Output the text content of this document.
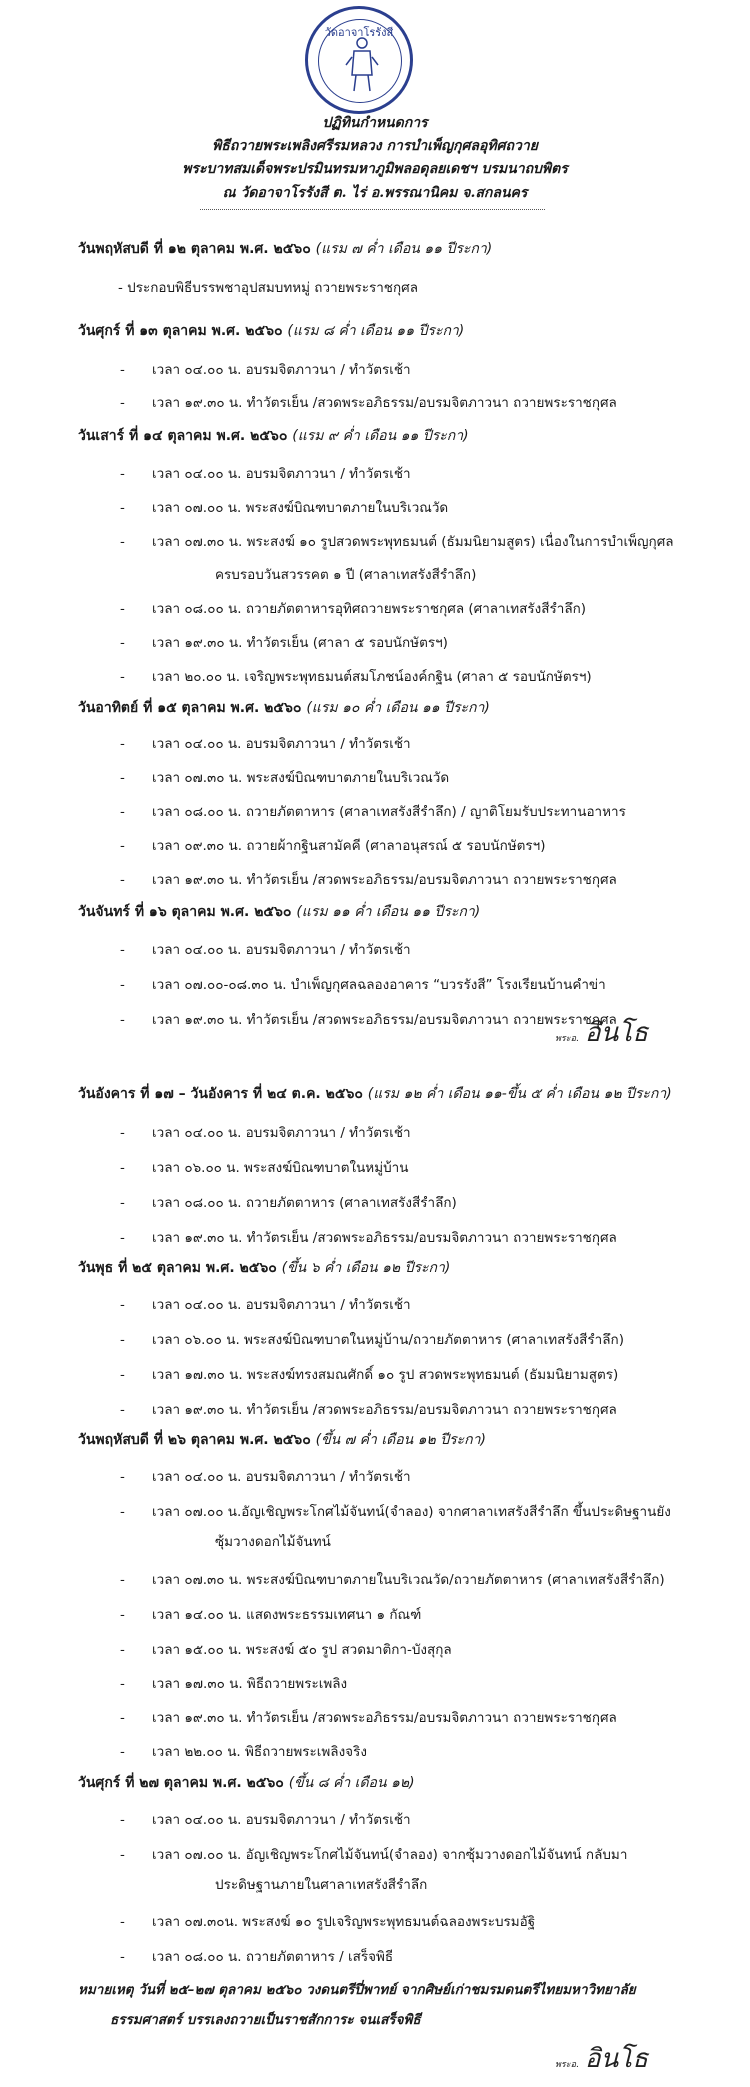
วัดอาจาโรรังสี
ปฏิทินกำหนดการ
พิธีถวายพระเพลิงศรีรมหลวง การบำเพ็ญกุศลอุทิศถวาย
พระบาทสมเด็จพระปรมินทรมหาภูมิพลอดุลยเดชฯ บรมนาถบพิตร
ณ วัดอาจาโรรังสี ต. ไร่ อ.พรรณานิคม จ.สกลนคร
วันพฤหัสบดี ที่ ๑๒ ตุลาคม พ.ศ. ๒๕๖๐ (แรม ๗ ค่ำ เดือน ๑๑ ปีระกา)
- ประกอบพิธีบรรพชาอุปสมบทหมู่ ถวายพระราชกุศล
วันศุกร์ ที่ ๑๓ ตุลาคม พ.ศ. ๒๕๖๐ (แรม ๘ ค่ำ เดือน ๑๑ ปีระกา)
- เวลา ๐๔.๐๐ น. อบรมจิตภาวนา / ทำวัตรเช้า
- เวลา ๑๙.๓๐ น. ทำวัตรเย็น /สวดพระอภิธรรม/อบรมจิตภาวนา ถวายพระราชกุศล
วันเสาร์ ที่ ๑๔ ตุลาคม พ.ศ. ๒๕๖๐ (แรม ๙ ค่ำ เดือน ๑๑ ปีระกา)
- เวลา ๐๔.๐๐ น. อบรมจิตภาวนา / ทำวัตรเช้า
- เวลา ๐๗.๐๐ น. พระสงฆ์บิณฑบาตภายในบริเวณวัด
- เวลา ๐๗.๓๐ น. พระสงฆ์ ๑๐ รูปสวดพระพุทธมนต์ (ธัมมนิยามสูตร) เนื่องในการบำเพ็ญกุศล
ครบรอบวันสวรรคต ๑ ปี (ศาลาเทสรังสีรำลึก)
- เวลา ๐๘.๐๐ น. ถวายภัตตาหารอุทิศถวายพระราชกุศล (ศาลาเทสรังสีรำลึก)
- เวลา ๑๙.๓๐ น. ทำวัตรเย็น (ศาลา ๕ รอบนักษัตรฯ)
- เวลา ๒๐.๐๐ น. เจริญพระพุทธมนต์สมโภชน์องค์กฐิน (ศาลา ๕ รอบนักษัตรฯ)
วันอาทิตย์ ที่ ๑๕ ตุลาคม พ.ศ. ๒๕๖๐ (แรม ๑๐ ค่ำ เดือน ๑๑ ปีระกา)
- เวลา ๐๔.๐๐ น. อบรมจิตภาวนา / ทำวัตรเช้า
- เวลา ๐๗.๓๐ น. พระสงฆ์บิณฑบาตภายในบริเวณวัด
- เวลา ๐๘.๐๐ น. ถวายภัตตาหาร (ศาลาเทสรังสีรำลึก) / ญาติโยมรับประทานอาหาร
- เวลา ๐๙.๓๐ น. ถวายผ้ากฐินสามัคคี (ศาลาอนุสรณ์ ๕ รอบนักษัตรฯ)
- เวลา ๑๙.๓๐ น. ทำวัตรเย็น /สวดพระอภิธรรม/อบรมจิตภาวนา ถวายพระราชกุศล
วันจันทร์ ที่ ๑๖ ตุลาคม พ.ศ. ๒๕๖๐ (แรม ๑๑ ค่ำ เดือน ๑๑ ปีระกา)
- เวลา ๐๔.๐๐ น. อบรมจิตภาวนา / ทำวัตรเช้า
- เวลา ๐๗.๐๐-๐๘.๓๐ น. บำเพ็ญกุศลฉลองอาคาร “บวรรังสี” โรงเรียนบ้านคำข่า
- เวลา ๑๙.๓๐ น. ทำวัตรเย็น /สวดพระอภิธรรม/อบรมจิตภาวนา ถวายพระราชกุศล
พระอ. อินโธ
วันอังคาร ที่ ๑๗ – วันอังคาร ที่ ๒๔ ต.ค. ๒๕๖๐ (แรม ๑๒ ค่ำ เดือน ๑๑-ขึ้น ๕ ค่ำ เดือน ๑๒ ปีระกา)
- เวลา ๐๔.๐๐ น. อบรมจิตภาวนา / ทำวัตรเช้า
- เวลา ๐๖.๐๐ น. พระสงฆ์บิณฑบาตในหมู่บ้าน
- เวลา ๐๘.๐๐ น. ถวายภัตตาหาร (ศาลาเทสรังสีรำลึก)
- เวลา ๑๙.๓๐ น. ทำวัตรเย็น /สวดพระอภิธรรม/อบรมจิตภาวนา ถวายพระราชกุศล
วันพุธ ที่ ๒๕ ตุลาคม พ.ศ. ๒๕๖๐ (ขึ้น ๖ ค่ำ เดือน ๑๒ ปีระกา)
- เวลา ๐๔.๐๐ น. อบรมจิตภาวนา / ทำวัตรเช้า
- เวลา ๐๖.๐๐ น. พระสงฆ์บิณฑบาตในหมู่บ้าน/ถวายภัตตาหาร (ศาลาเทสรังสีรำลึก)
- เวลา ๑๗.๓๐ น. พระสงฆ์ทรงสมณศักดิ์ ๑๐ รูป สวดพระพุทธมนต์ (ธัมมนิยามสูตร)
- เวลา ๑๙.๓๐ น. ทำวัตรเย็น /สวดพระอภิธรรม/อบรมจิตภาวนา ถวายพระราชกุศล
วันพฤหัสบดี ที่ ๒๖ ตุลาคม พ.ศ. ๒๕๖๐ (ขึ้น ๗ ค่ำ เดือน ๑๒ ปีระกา)
- เวลา ๐๔.๐๐ น. อบรมจิตภาวนา / ทำวัตรเช้า
- เวลา ๐๗.๐๐ น.อัญเชิญพระโกศไม้จันทน์(จำลอง) จากศาลาเทสรังสีรำลึก ขึ้นประดิษฐานยัง
ซุ้มวางดอกไม้จันทน์
- เวลา ๐๗.๓๐ น. พระสงฆ์บิณฑบาตภายในบริเวณวัด/ถวายภัตตาหาร (ศาลาเทสรังสีรำลึก)
- เวลา ๑๔.๐๐ น. แสดงพระธรรมเทศนา ๑ กัณฑ์
- เวลา ๑๕.๐๐ น. พระสงฆ์ ๕๐ รูป สวดมาติกา-บังสุกุล
- เวลา ๑๗.๓๐ น. พิธีถวายพระเพลิง
- เวลา ๑๙.๓๐ น. ทำวัตรเย็น /สวดพระอภิธรรม/อบรมจิตภาวนา ถวายพระราชกุศล
- เวลา ๒๒.๐๐ น. พิธีถวายพระเพลิงจริง
วันศุกร์ ที่ ๒๗ ตุลาคม พ.ศ. ๒๕๖๐ (ขึ้น ๘ ค่ำ เดือน ๑๒)
- เวลา ๐๔.๐๐ น. อบรมจิตภาวนา / ทำวัตรเช้า
- เวลา ๐๗.๐๐ น. อัญเชิญพระโกศไม้จันทน์(จำลอง) จากซุ้มวางดอกไม้จันทน์ กลับมา
ประดิษฐานภายในศาลาเทสรังสีรำลึก
- เวลา ๐๗.๓๐น. พระสงฆ์ ๑๐ รูปเจริญพระพุทธมนต์ฉลองพระบรมอัฐิ
- เวลา ๐๘.๐๐ น. ถวายภัตตาหาร / เสร็จพิธี
หมายเหตุ วันที่ ๒๕–๒๗ ตุลาคม ๒๕๖๐ วงดนตรีปี่พาทย์ จากศิษย์เก่าชมรมดนตรีไทยมหาวิทยาลัย
ธรรมศาสตร์ บรรเลงถวายเป็นราชสักการะ จนเสร็จพิธี
พระอ. อินโธ
